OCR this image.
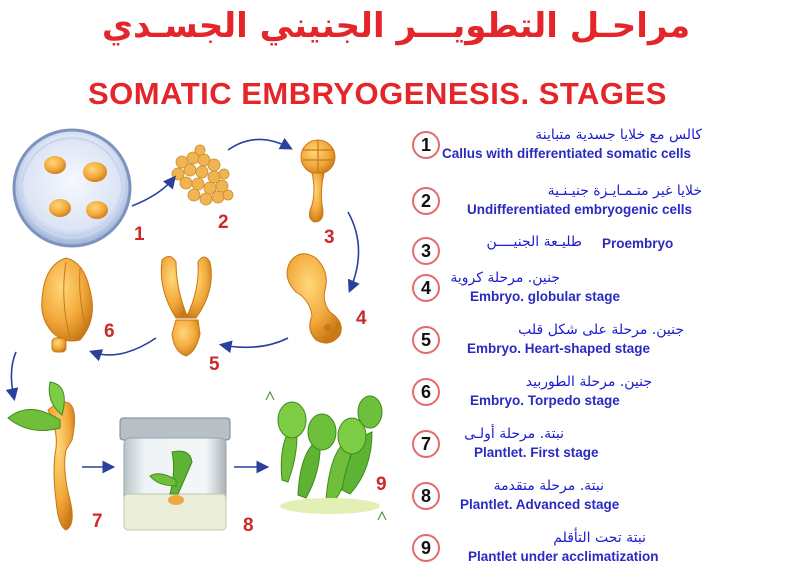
مراحـل التطويـــر الجنيني الجسـدي
SOMATIC EMBRYOGENESIS. STAGES
1
2
3
4
5
6
7	8
9
1	كالس مع خلايا جسدية متباينة
Callus with differentiated somatic cells
2	خلايا غير متـمـايـزة جنيـنـية
Undifferentiated embryogenic cells
3	طليـعة الجنيــــن Proembryo
4	جنين. مرحلة كروية
Embryo. globular stage
5	جنين. مرحلة على شكل قلب
Embryo. Heart-shaped stage
6	جنين. مرحلة الطوربيد
Embryo. Torpedo stage
7	نبتة. مرحلة أولـى
Plantlet. First stage
8	نبتة. مرحلة متقدمة
Plantlet. Advanced stage
9	نبتة تحت التأقلم
Plantlet under acclimatization
